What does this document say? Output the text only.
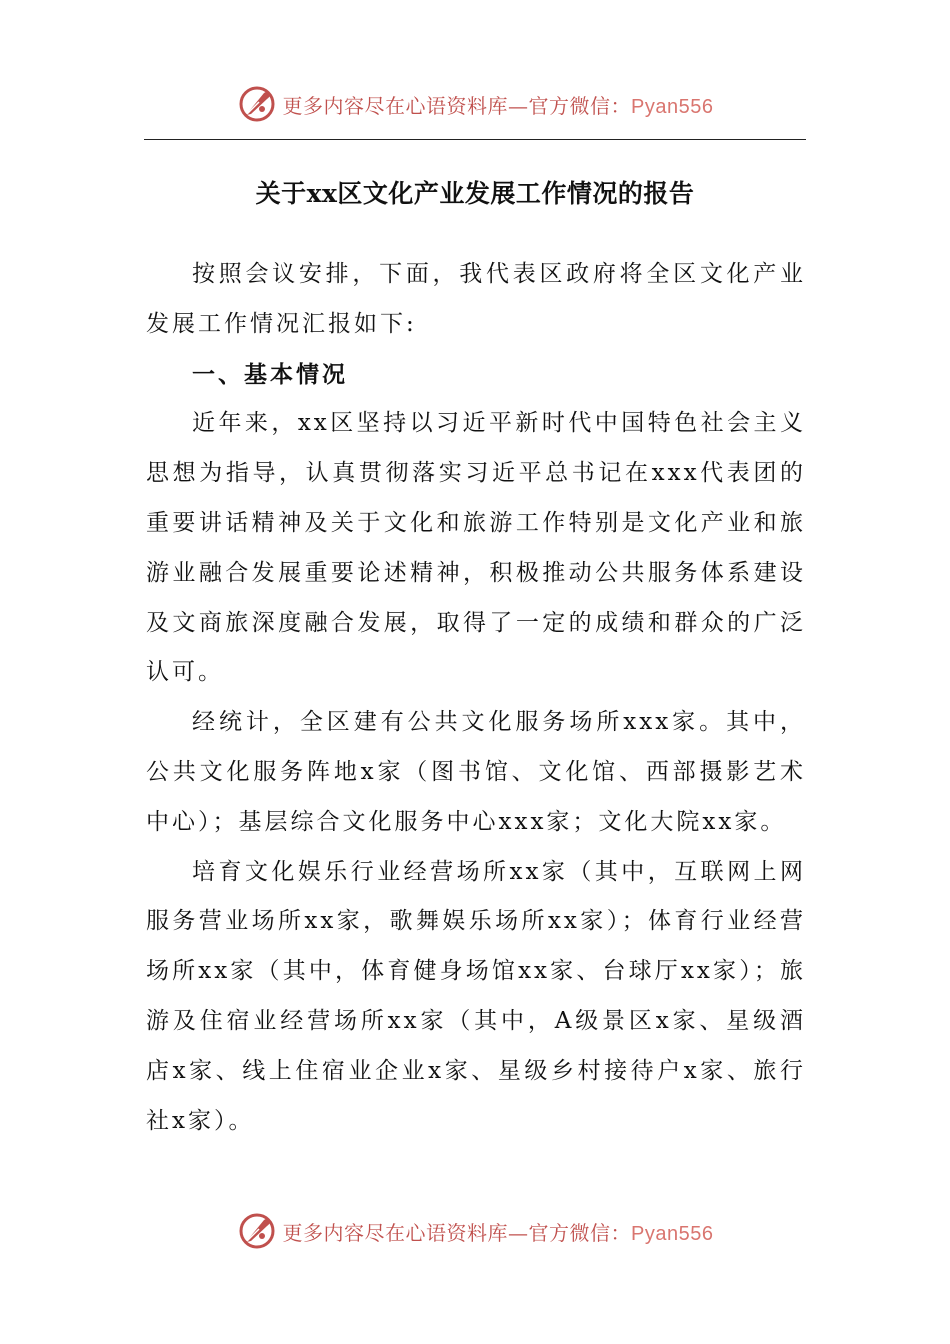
更多内容尽在心语资料库—官方微信：Pyan556
关于xx区文化产业发展工作情况的报告

按照会议安排，下面，我代表区政府将全区文化产业发展工作情况汇报如下:

一、基本情况

近年来，xx区坚持以习近平新时代中国特色社会主义思想为指导，认真贯彻落实习近平总书记在xxx代表团的重要讲话精神及关于文化和旅游工作特别是文化产业和旅游业融合发展重要论述精神，积极推动公共服务体系建设及文商旅深度融合发展，取得了一定的成绩和群众的广泛认可。

经统计，全区建有公共文化服务场所xxx家。其中，公共文化服务阵地x家（图书馆、文化馆、西部摄影艺术中心）；基层综合文化服务中心xxx家；文化大院xx家。

培育文化娱乐行业经营场所xx家（其中，互联网上网服务营业场所xx家，歌舞娱乐场所xx家）；体育行业经营场所xx家（其中，体育健身场馆xx家、台球厅xx家）；旅游及住宿业经营场所xx家（其中，A级景区x家、星级酒店x家、线上住宿业企业x家、星级乡村接待户x家、旅行社x家）。

更多内容尽在心语资料库—官方微信：Pyan556
